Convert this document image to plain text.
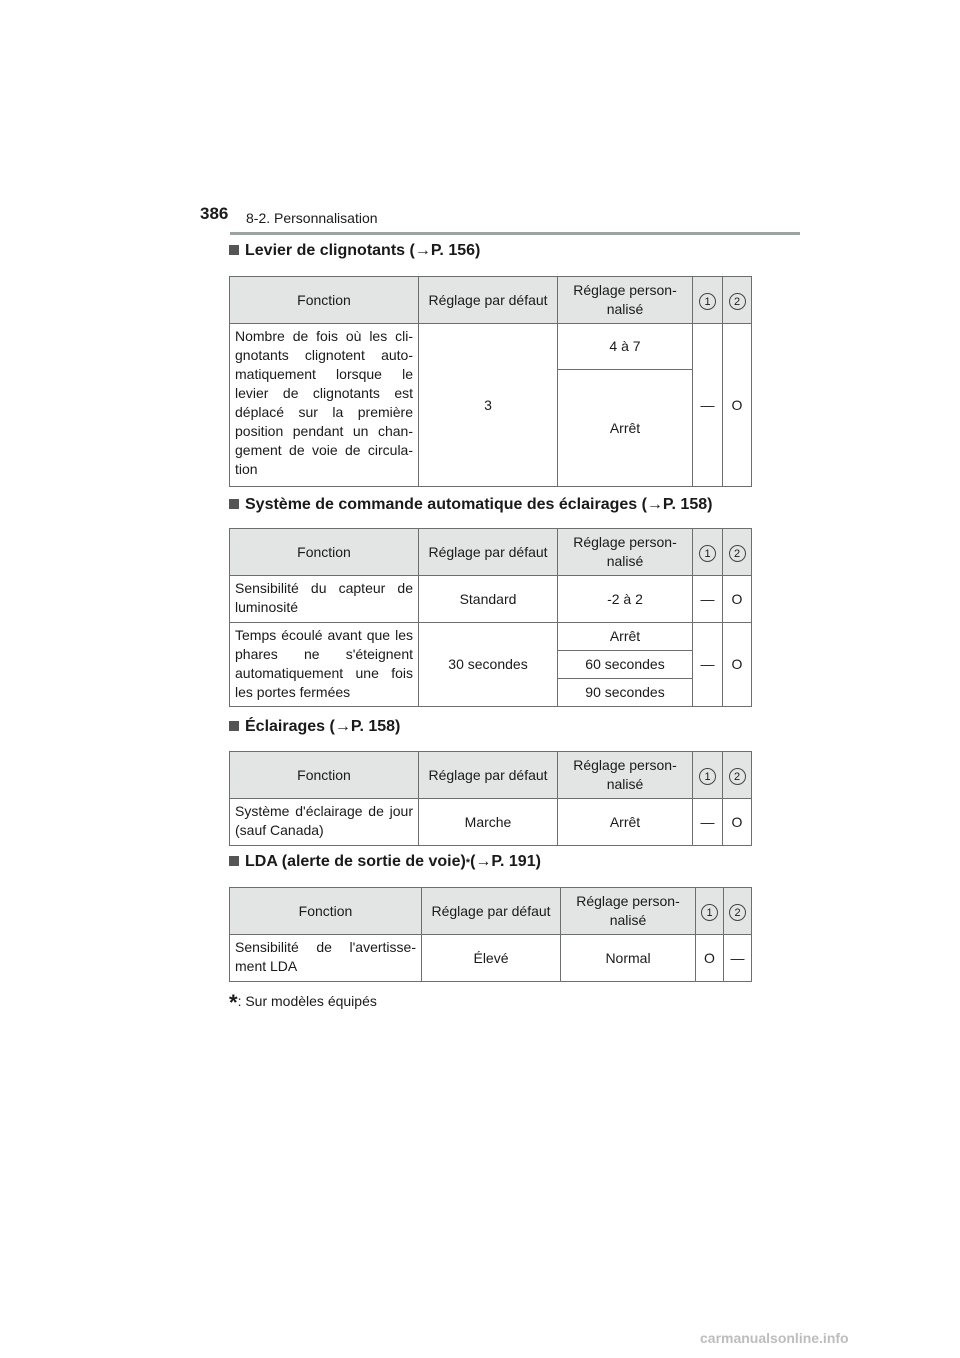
386 8-2. Personnalisation
Levier de clignotants (→P. 156)
Fonction	Réglage par défaut	Réglage person-nalisé	1	2
Nombre de fois où les cli-gnotants clignotent auto-matiquement lorsque le levier de clignotants est déplacé sur la première position pendant un chan-gement de voie de circula-tion	3	4 à 7	—	O
		Arrêt		
Système de commande automatique des éclairages (→P. 158)
Fonction	Réglage par défaut	Réglage person-nalisé	1	2
Sensibilité du capteur de luminosité	Standard	-2 à 2	—	O
Temps écoulé avant que les phares ne s'éteignent automatiquement une fois les portes fermées	30 secondes	Arrêt	—	O
		60 secondes		
		90 secondes		
Éclairages (→P. 158)
Fonction	Réglage par défaut	Réglage person-nalisé	1	2
Système d'éclairage de jour (sauf Canada)	Marche	Arrêt	—	O
LDA (alerte de sortie de voie) * (→P. 191)
Fonction	Réglage par défaut	Réglage person-nalisé	1	2
Sensibilité de l'avertisse-ment LDA	Élevé	Normal	O	—
*: Sur modèles équipés
carmanualsonline.info
